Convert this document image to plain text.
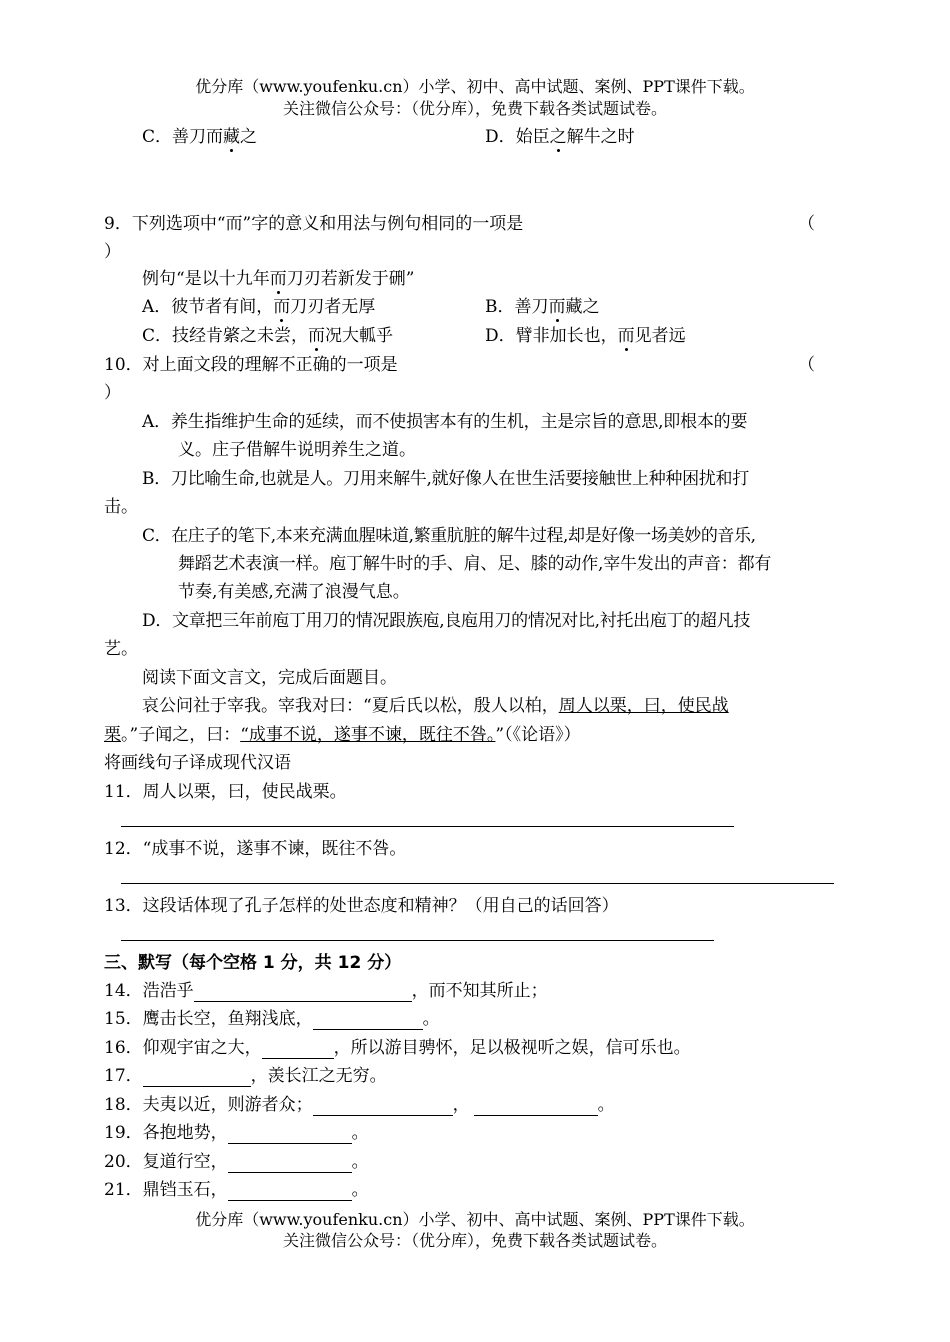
优分库（www.youfenku.cn）小学、初中、高中试题、案例、PPT课件下载。
关注微信公众号：（优分库），免费下载各类试题试卷。
C．善刀而藏之	D．始臣之解牛之时
9．下列选项中“而”字的意义和用法与例句相同的一项是	（
）
例句“是以十九年而刀刃若新发于硎”
A．彼节者有间，而刀刃者无厚	B．善刀而藏之
C．技经肯綮之未尝，而况大軱乎	D．臂非加长也，而见者远
10．对上面文段的理解不正确的一项是	（
）
A．养生指维护生命的延续，而不使损害本有的生机，主是宗旨的意思,即根本的要
义。庄子借解牛说明养生之道。
B．刀比喻生命,也就是人。刀用来解牛,就好像人在世生活要接触世上种种困扰和打
击。
C．在庄子的笔下,本来充满血腥味道,繁重肮脏的解牛过程,却是好像一场美妙的音乐,
舞蹈艺术表演一样。庖丁解牛时的手、肩、足、膝的动作,宰牛发出的声音：都有
节奏,有美感,充满了浪漫气息。
D．文章把三年前庖丁用刀的情况跟族庖,良庖用刀的情况对比,衬托出庖丁的超凡技
艺。
阅读下面文言文，完成后面题目。
哀公问社于宰我。宰我对曰：“夏后氏以松，殷人以柏，周人以栗，曰，使民战
栗。”子闻之，曰：“成事不说，遂事不谏，既往不咎。”（《论语》）
将画线句子译成现代汉语
11．周人以栗，曰，使民战栗。
12．“成事不说，遂事不谏，既往不咎。
13．这段话体现了孔子怎样的处世态度和精神？（用自己的话回答）
三、默写（每个空格 1 分，共 12 分）
14．浩浩乎	，而不知其所止；
15．鹰击长空，鱼翔浅底，	。
16．仰观宇宙之大，	，所以游目骋怀，足以极视听之娱，信可乐也。
17．	，羡长江之无穷。
18．夫夷以近，则游者众；	，	。
19．各抱地势，	。
20．复道行空，	。
21．鼎铛玉石，	。
优分库（www.youfenku.cn）小学、初中、高中试题、案例、PPT课件下载。
关注微信公众号：（优分库），免费下载各类试题试卷。
